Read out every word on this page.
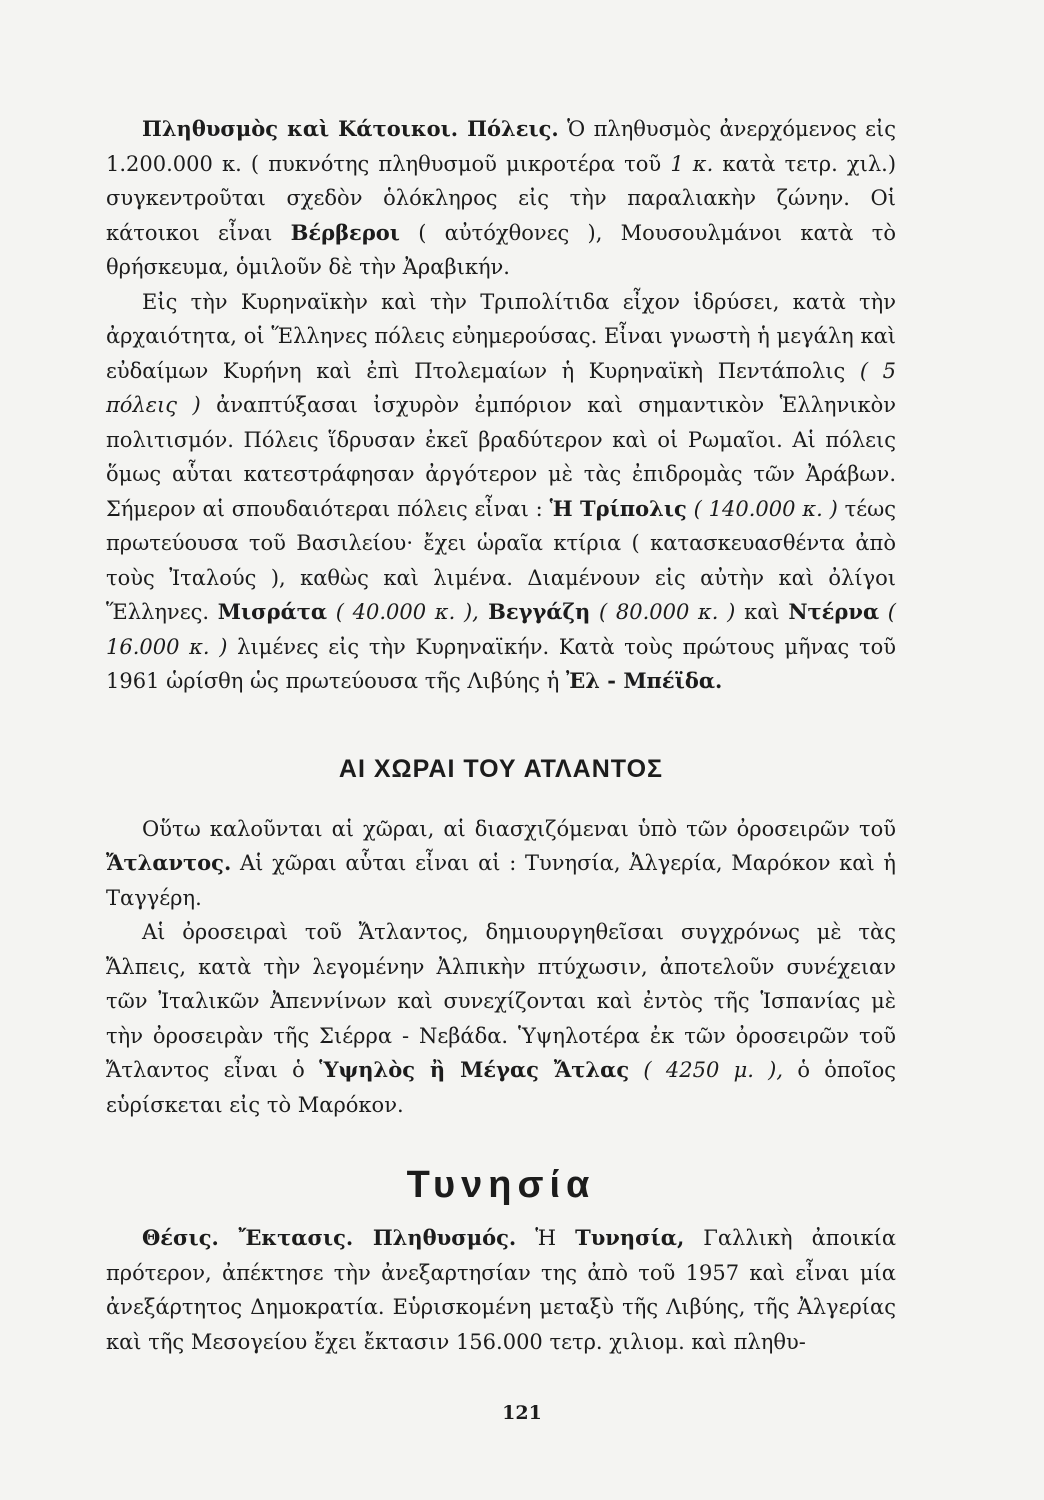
Πληθυσμὸς καὶ Κάτοικοι. Πόλεις. Ὁ πληθυσμὸς ἀνερχόμενος εἰς 1.200.000 κ. ( πυκνότης πληθυσμοῦ μικροτέρα τοῦ 1 κ. κατὰ τετρ. χιλ.) συγκεντροῦται σχεδὸν ὁλόκληρος εἰς τὴν παραλιακὴν ζώνην. Οἱ κάτοικοι εἶναι Βέρβεροι ( αὐτόχθονες ), Μουσουλμάνοι κατὰ τὸ θρήσκευμα, ὁμιλοῦν δὲ τὴν Ἀραβικήν.

Εἰς τὴν Κυρηναϊκὴν καὶ τὴν Τριπολίτιδα εἶχον ἱδρύσει, κατὰ τὴν ἀρχαιότητα, οἱ Ἕλληνες πόλεις εὐημερούσας. Εἶναι γνωστὴ ἡ μεγάλη καὶ εὐδαίμων Κυρήνη καὶ ἐπὶ Πτολεμαίων ἡ Κυρηναϊκὴ Πεντάπολις ( 5 πόλεις ) ἀναπτύξασαι ἰσχυρὸν ἐμπόριον καὶ σημαντικὸν Ἑλληνικὸν πολιτισμόν. Πόλεις ἵδρυσαν ἐκεῖ βραδύτερον καὶ οἱ Ρωμαῖοι. Αἱ πόλεις ὅμως αὗται κατεστράφησαν ἀργότερον μὲ τὰς ἐπιδρομὰς τῶν Ἀράβων. Σήμερον αἱ σπουδαιότεραι πόλεις εἶναι : Ἡ Τρίπολις ( 140.000 κ. ) τέως πρωτεύουσα τοῦ Βασιλείου· ἔχει ὡραῖα κτίρια ( κατασκευασθέντα ἀπὸ τοὺς Ἰταλούς ), καθὼς καὶ λιμένα. Διαμένουν εἰς αὐτὴν καὶ ὀλίγοι Ἕλληνες. Μισράτα ( 40.000 κ. ), Βεγγάζη ( 80.000 κ. ) καὶ Ντέρνα ( 16.000 κ. ) λιμένες εἰς τὴν Κυρηναϊκήν. Κατὰ τοὺς πρώτους μῆνας τοῦ 1961 ὡρίσθη ὡς πρωτεύουσα τῆς Λιβύης ἡ Ἐλ - Μπέϊδα.

ΑΙ ΧΩΡΑΙ ΤΟΥ ΑΤΛΑΝΤΟΣ

Οὕτω καλοῦνται αἱ χῶραι, αἱ διασχιζόμεναι ὑπὸ τῶν ὀροσειρῶν τοῦ Ἄτλαντος. Αἱ χῶραι αὗται εἶναι αἱ : Τυνησία, Ἀλγερία, Μαρόκον καὶ ἡ Ταγγέρη.

Αἱ ὀροσειραὶ τοῦ Ἄτλαντος, δημιουργηθεῖσαι συγχρόνως μὲ τὰς Ἄλπεις, κατὰ τὴν λεγομένην Ἀλπικὴν πτύχωσιν, ἀποτελοῦν συνέχειαν τῶν Ἰταλικῶν Ἀπεννίνων καὶ συνεχίζονται καὶ ἐντὸς τῆς Ἱσπανίας μὲ τὴν ὀροσειρὰν τῆς Σιέρρα - Νεβάδα. Ὑψηλοτέρα ἐκ τῶν ὀροσειρῶν τοῦ Ἄτλαντος εἶναι ὁ Ὑψηλὸς ἢ Μέγας Ἄτλας ( 4250 μ. ), ὁ ὁποῖος εὑρίσκεται εἰς τὸ Μαρόκον.

Τυνησία

Θέσις. Ἔκτασις. Πληθυσμός. Ἡ Τυνησία, Γαλλικὴ ἀποικία πρότερον, ἀπέκτησε τὴν ἀνεξαρτησίαν της ἀπὸ τοῦ 1957 καὶ εἶναι μία ἀνεξάρτητος Δημοκρατία. Εὑρισκομένη μεταξὺ τῆς Λιβύης, τῆς Ἀλγερίας καὶ τῆς Μεσογείου ἔχει ἔκτασιν 156.000 τετρ. χιλιομ. καὶ πληθυ-

121
